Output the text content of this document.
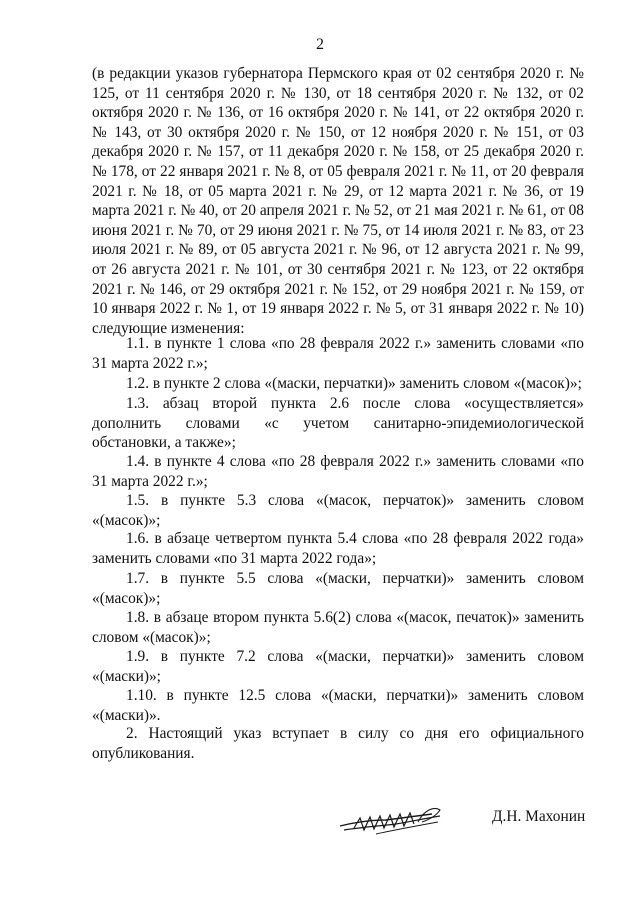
2
(в редакции указов губернатора Пермского края от 02 сентября 2020 г. № 125, от 11 сентября 2020 г. № 130, от 18 сентября 2020 г. № 132, от 02 октября 2020 г. № 136, от 16 октября 2020 г. № 141, от 22 октября 2020 г. № 143, от 30 октября 2020 г. № 150, от 12 ноября 2020 г. № 151, от 03 декабря 2020 г. № 157, от 11 декабря 2020 г. № 158, от 25 декабря 2020 г. № 178, от 22 января 2021 г. № 8, от 05 февраля 2021 г. № 11, от 20 февраля 2021 г. № 18, от 05 марта 2021 г. № 29, от 12 марта 2021 г. № 36, от 19 марта 2021 г. № 40, от 20 апреля 2021 г. № 52, от 21 мая 2021 г. № 61, от 08 июня 2021 г. № 70, от 29 июня 2021 г. № 75, от 14 июля 2021 г. № 83, от 23 июля 2021 г. № 89, от 05 августа 2021 г. № 96, от 12 августа 2021 г. № 99, от 26 августа 2021 г. № 101, от 30 сентября 2021 г. № 123, от 22 октября 2021 г. № 146, от 29 октября 2021 г. № 152, от 29 ноября 2021 г. № 159, от 10 января 2022 г. № 1, от 19 января 2022 г. № 5, от 31 января 2022 г. № 10) следующие изменения:
1.1. в пункте 1 слова «по 28 февраля 2022 г.» заменить словами «по 31 марта 2022 г.»;
1.2. в пункте 2 слова «(маски, перчатки)» заменить словом «(масок)»;
1.3. абзац второй пункта 2.6 после слова «осуществляется» дополнить словами «с учетом санитарно-эпидемиологической обстановки, а также»;
1.4. в пункте 4 слова «по 28 февраля 2022 г.» заменить словами «по 31 марта 2022 г.»;
1.5. в пункте 5.3 слова «(масок, перчаток)» заменить словом «(масок)»;
1.6. в абзаце четвертом пункта 5.4 слова «по 28 февраля 2022 года» заменить словами «по 31 марта 2022 года»;
1.7. в пункте 5.5 слова «(маски, перчатки)» заменить словом «(масок)»;
1.8. в абзаце втором пункта 5.6(2) слова «(масок, печаток)» заменить словом «(масок)»;
1.9. в пункте 7.2 слова «(маски, перчатки)» заменить словом «(маски)»;
1.10. в пункте 12.5 слова «(маски, перчатки)» заменить словом «(маски)».
2. Настоящий указ вступает в силу со дня его официального опубликования.
Д.Н. Махонин
